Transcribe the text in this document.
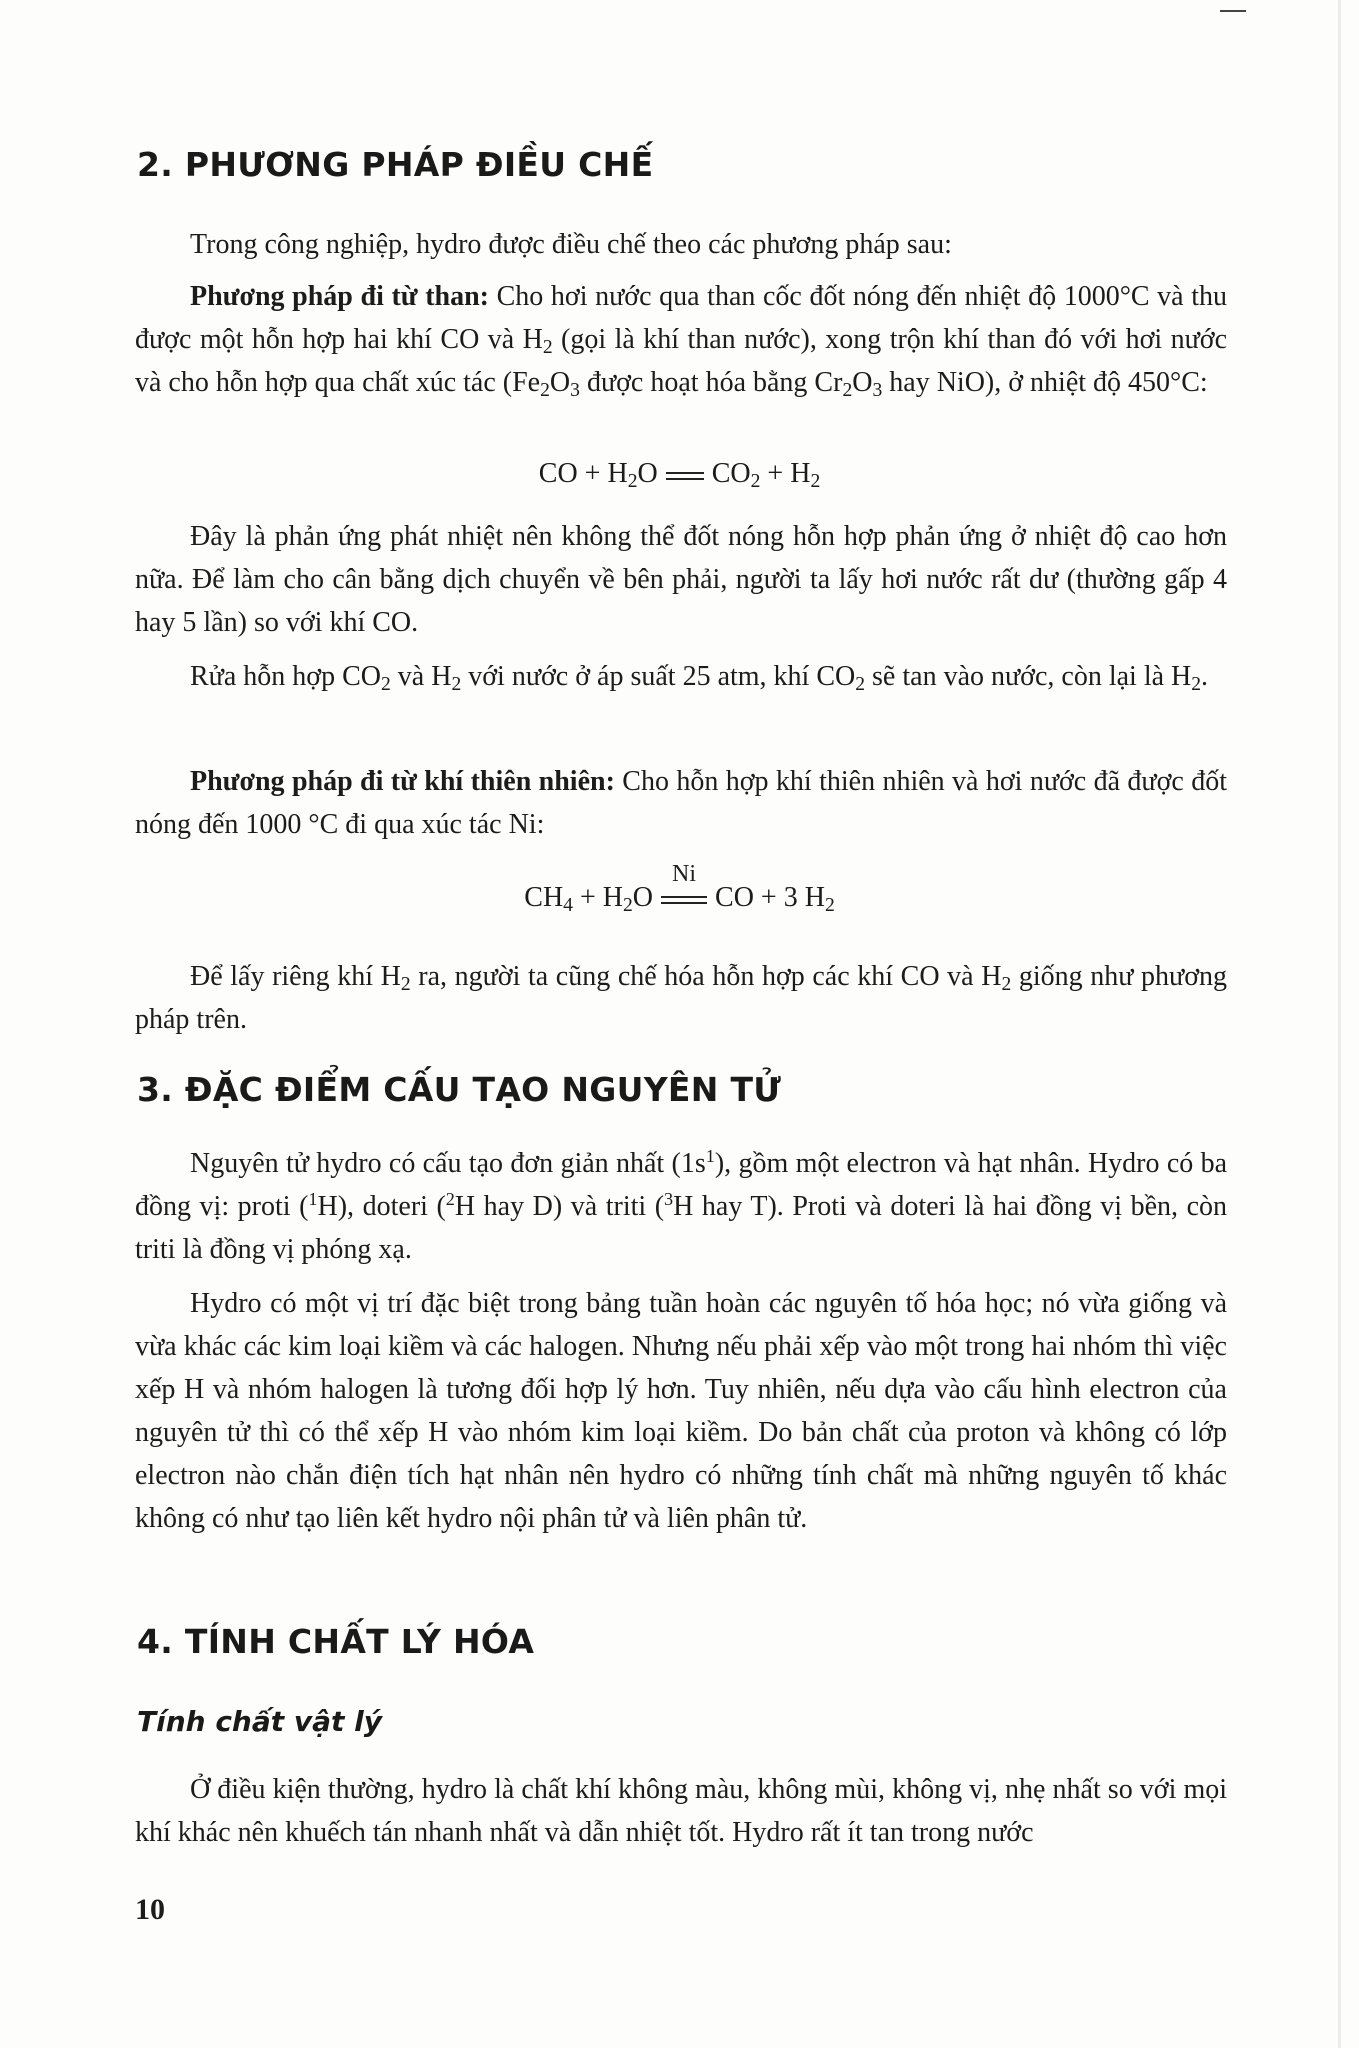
2. PHƯƠNG PHÁP ĐIỀU CHẾ

Trong công nghiệp, hydro được điều chế theo các phương pháp sau:

Phương pháp đi từ than: Cho hơi nước qua than cốc đốt nóng đến nhiệt độ 1000°C và thu được một hỗn hợp hai khí CO và $H_2$ (gọi là khí than nước), xong trộn khí than đó với hơi nước và cho hỗn hợp qua chất xúc tác ($Fe_2O_3$ được hoạt hóa bằng $Cr_2O_3$ hay NiO), ở nhiệt độ 450°C:

CO + $H_2O$ $CO_2 + H_2$

Đây là phản ứng phát nhiệt nên không thể đốt nóng hỗn hợp phản ứng ở nhiệt độ cao hơn nữa. Để làm cho cân bằng dịch chuyển về bên phải, người ta lấy hơi nước rất dư (thường gấp 4 hay 5 lần) so với khí CO.

Rửa hỗn hợp $CO_2$ và $H_2$ với nước ở áp suất 25 atm, khí $CO_2$ sẽ tan vào nước, còn lại là $H_2$.

Phương pháp đi từ khí thiên nhiên: Cho hỗn hợp khí thiên nhiên và hơi nước đã được đốt nóng đến 1000 °C đi qua xúc tác Ni:

$CH_4 + H_2O$
Ni
CO + 3 $H_2$

Để lấy riêng khí $H_2$ ra, người ta cũng chế hóa hỗn hợp các khí CO và $H_2$ giống như phương pháp trên.

3. ĐẶC ĐIỂM CẤU TẠO NGUYÊN TỬ

Nguyên tử hydro có cấu tạo đơn giản nhất $(1s^1)$, gồm một electron và hạt nhân. Hydro có ba đồng vị: proti ($^1$H), doteri ($^2$H hay D) và triti ($^3$H hay T). Proti và doteri là hai đồng vị bền, còn triti là đồng vị phóng xạ.

Hydro có một vị trí đặc biệt trong bảng tuần hoàn các nguyên tố hóa học; nó vừa giống và vừa khác các kim loại kiềm và các halogen. Nhưng nếu phải xếp vào một trong hai nhóm thì việc xếp H và nhóm halogen là tương đối hợp lý hơn. Tuy nhiên, nếu dựa vào cấu hình electron của nguyên tử thì có thể xếp H vào nhóm kim loại kiềm. Do bản chất của proton và không có lớp electron nào chắn điện tích hạt nhân nên hydro có những tính chất mà những nguyên tố khác không có như tạo liên kết hydro nội phân tử và liên phân tử.

4. TÍNH CHẤT LÝ HÓA
Tính chất vật lý

Ở điều kiện thường, hydro là chất khí không màu, không mùi, không vị, nhẹ nhất so với mọi khí khác nên khuếch tán nhanh nhất và dẫn nhiệt tốt. Hydro rất ít tan trong nước

10
